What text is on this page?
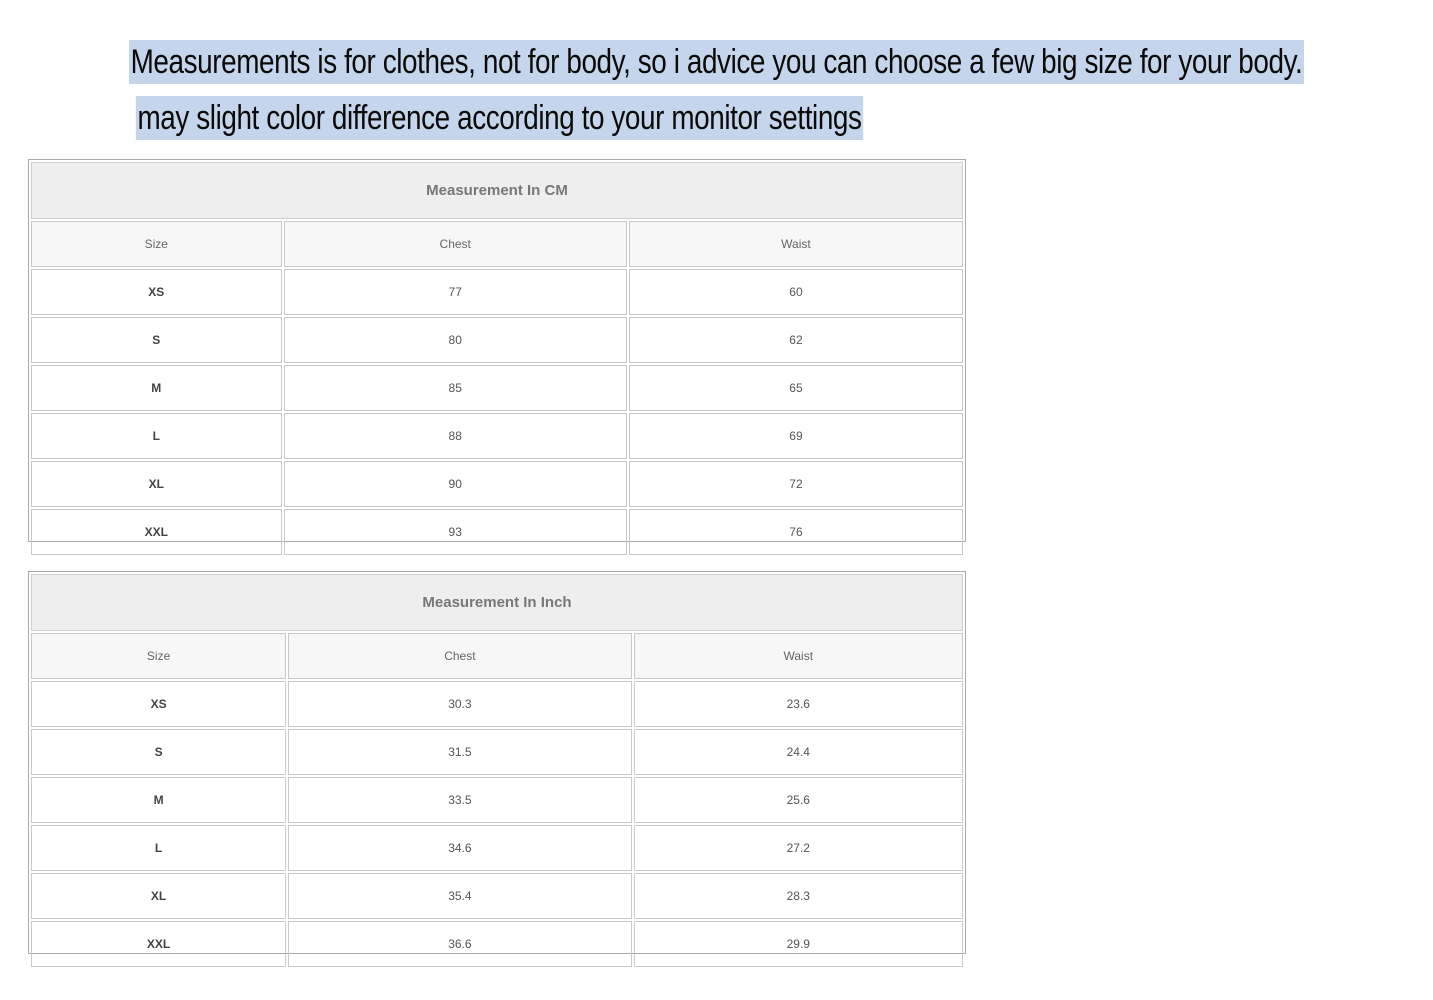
Measurements is for clothes, not for body, so i advice you can choose a few big size for your body.
may slight color difference according to your monitor settings
Measurement In CM		
Size	Chest	Waist
XS	77	60
S	80	62
M	85	65
L	88	69
XL	90	72
XXL	93	76
Measurement In Inch		
Size	Chest	Waist
XS	30.3	23.6
S	31.5	24.4
M	33.5	25.6
L	34.6	27.2
XL	35.4	28.3
XXL	36.6	29.9
